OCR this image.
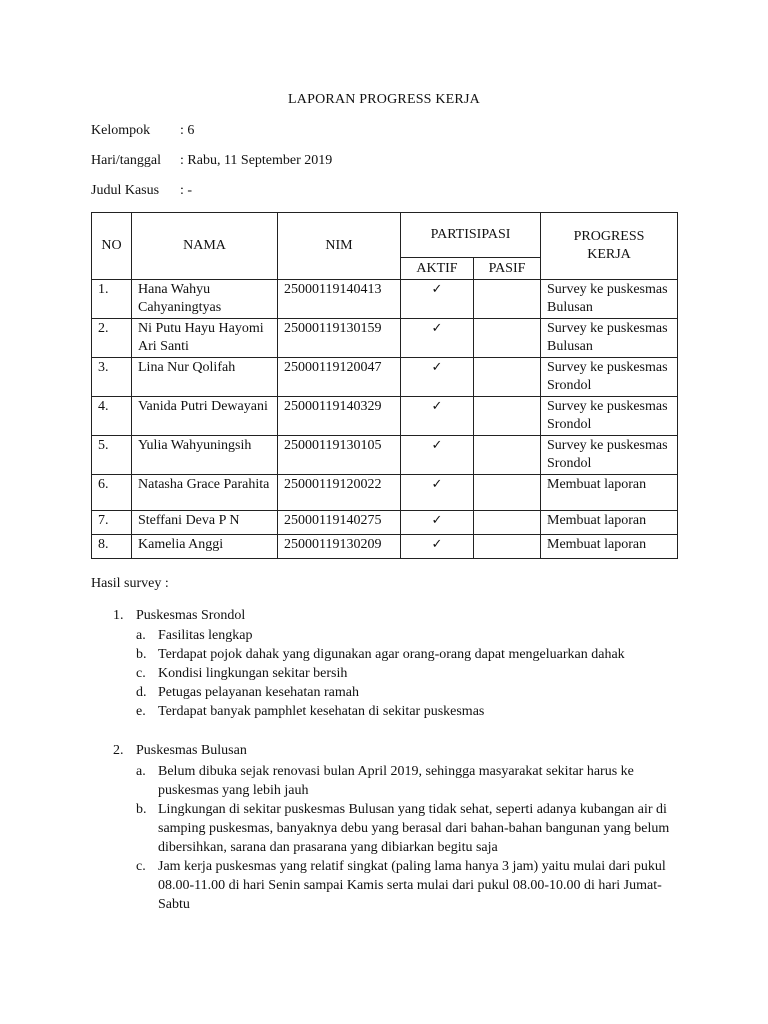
LAPORAN PROGRESS KERJA
Kelompok : 6
Hari/tanggal : Rabu, 11 September 2019
Judul Kasus : -
NO	NAMA	NIM	PARTISIPASI		PROGRESS KERJA
			AKTIF	PASIF	
1.	Hana Wahyu Cahyaningtyas	25000119140413	✓		Survey ke puskesmas Bulusan
2.	Ni Putu Hayu Hayomi Ari Santi	25000119130159	✓		Survey ke puskesmas Bulusan
3.	Lina Nur Qolifah	25000119120047	✓		Survey ke puskesmas Srondol
4.	Vanida Putri Dewayani	25000119140329	✓		Survey ke puskesmas Srondol
5.	Yulia Wahyuningsih	25000119130105	✓		Survey ke puskesmas Srondol
6.	Natasha Grace Parahita	25000119120022	✓		Membuat laporan
7.	Steffani Deva P N	25000119140275	✓		Membuat laporan
8.	Kamelia Anggi	25000119130209	✓		Membuat laporan
Hasil survey :
1. Puskesmas Srondol
a. Fasilitas lengkap
b. Terdapat pojok dahak yang digunakan agar orang-orang dapat mengeluarkan dahak
c. Kondisi lingkungan sekitar bersih
d. Petugas pelayanan kesehatan ramah
e. Terdapat banyak pamphlet kesehatan di sekitar puskesmas
2. Puskesmas Bulusan
a. Belum dibuka sejak renovasi bulan April 2019, sehingga masyarakat sekitar harus ke puskesmas yang lebih jauh
b. Lingkungan di sekitar puskesmas Bulusan yang tidak sehat, seperti adanya kubangan air di samping puskesmas, banyaknya debu yang berasal dari bahan-bahan bangunan yang belum dibersihkan, sarana dan prasarana yang dibiarkan begitu saja
c. Jam kerja puskesmas yang relatif singkat (paling lama hanya 3 jam) yaitu mulai dari pukul 08.00-11.00 di hari Senin sampai Kamis serta mulai dari pukul 08.00-10.00 di hari Jumat-Sabtu
